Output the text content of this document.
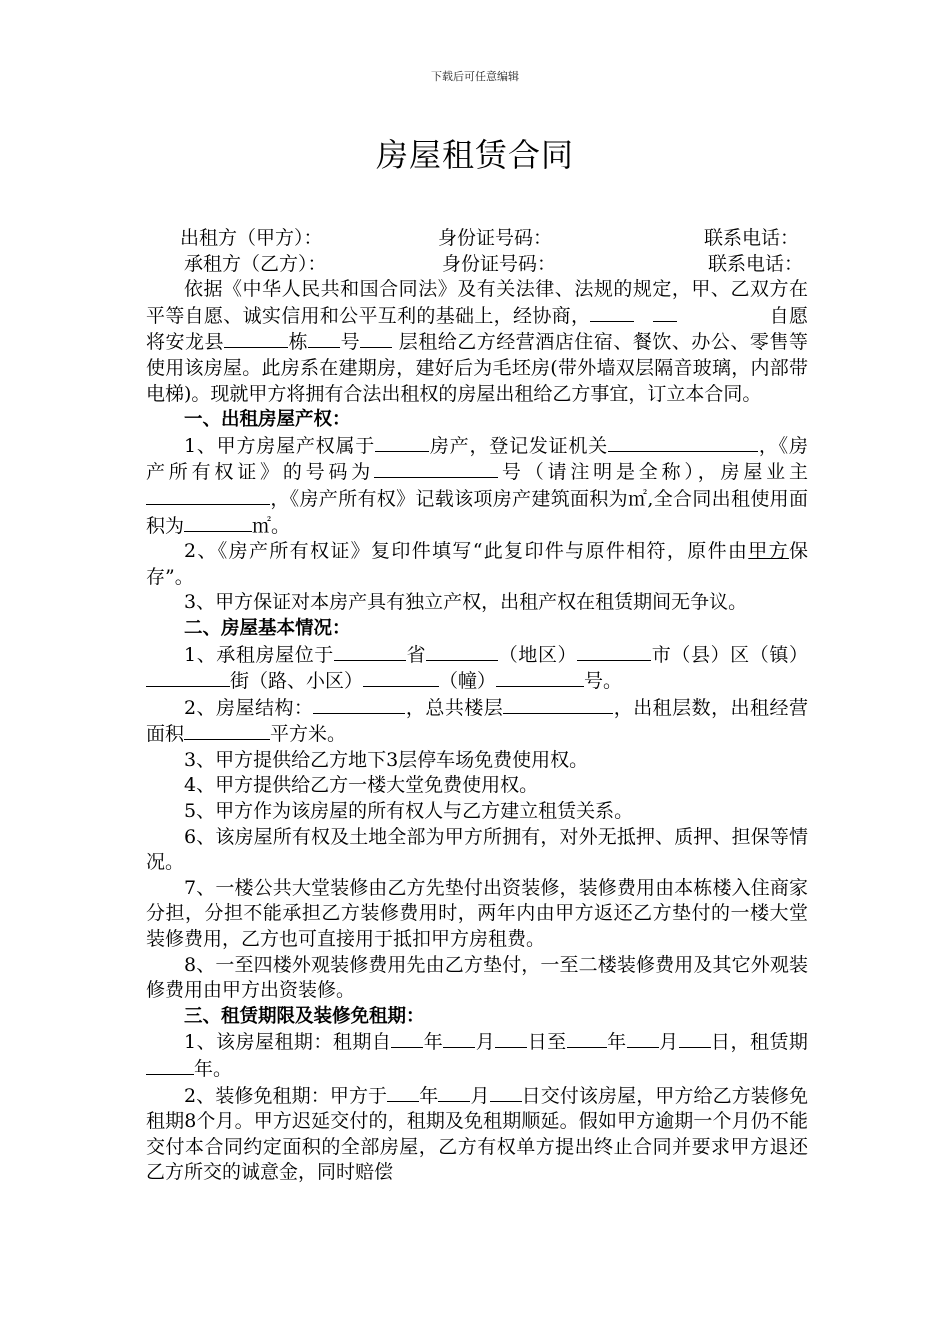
下载后可任意编辑
房屋租赁合同
出租方（甲方）：	身份证号码：	联系电话：
承租方（乙方）：	身份证号码：	联系电话：

依据《中华人民共和国合同法》及有关法律、法规的规定，甲、乙双方在平等自愿、诚实信用和公平互利的基础上，经协商，	自愿将安龙县	栋 号 层租给乙方经营酒店住宿、餐饮、办公、零售等使用该房屋。此房系在建期房，建好后为毛坯房(带外墙双层隔音玻璃，内部带电梯)。现就甲方将拥有合法出租权的房屋出租给乙方事宜，订立本合同。

一、出租房屋产权：

1、甲方房屋产权属于	房产，登记发证机关	，《房产所有权证》的号码为	号（请注明是全称），房屋业主，《房产所有权》记载该项房产建筑面积为㎡,全合同出租使用面积为	㎡。

2、《房产所有权证》复印件填写“此复印件与原件相符，原件由甲方保存”。

3、甲方保证对本房产具有独立产权，出租产权在租赁期间无争议。

二、房屋基本情况：

1、承租房屋位于	省	（地区）	市（县）区（镇）街（路、小区）	（幢）	号。

2、房屋结构：	，总共楼层	，出租层数，出租经营面积	平方米。

3、甲方提供给乙方地下3层停车场免费使用权。

4、甲方提供给乙方一楼大堂免费使用权。

5、甲方作为该房屋的所有权人与乙方建立租赁关系。

6、该房屋所有权及土地全部为甲方所拥有，对外无抵押、质押、担保等情况。

7、一楼公共大堂装修由乙方先垫付出资装修，装修费用由本栋楼入住商家分担，分担不能承担乙方装修费用时，两年内由甲方返还乙方垫付的一楼大堂装修费用，乙方也可直接用于抵扣甲方房租费。

8、一至四楼外观装修费用先由乙方垫付，一至二楼装修费用及其它外观装修费用由甲方出资装修。

三、租赁期限及装修免租期：

1、该房屋租期：租期自 年 月 日至 年 月 日，租赁期年。

2、装修免租期：甲方于 年 月 日交付该房屋，甲方给乙方装修免租期8个月。甲方迟延交付的，租期及免租期顺延。假如甲方逾期一个月仍不能交付本合同约定面积的全部房屋，乙方有权单方提出终止合同并要求甲方退还乙方所交的诚意金，同时赔偿
